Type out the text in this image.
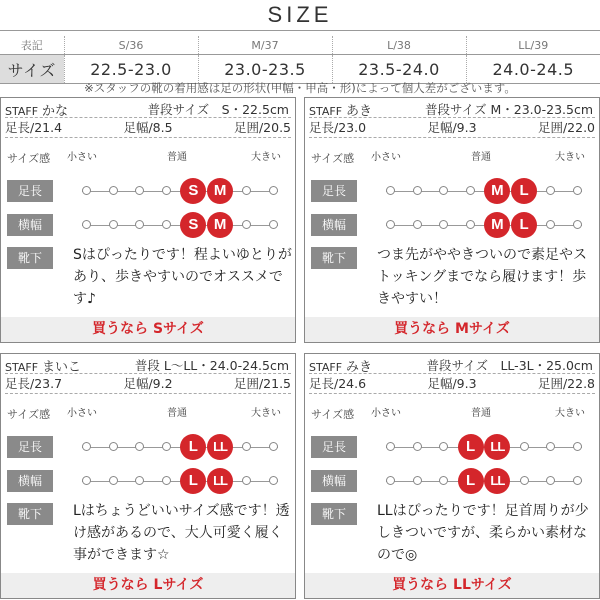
SIZE
表記	S/36	M/37	L/38	LL/39
サイズ	22.5-23.0	23.0-23.5	23.5-24.0	24.0-24.5
※スタッフの靴の着用感は足の形状(甲幅・甲高・形)によって個人差がございます。
STAFF かな	普段サイズ　S・22.5cm
足長/21.4	足幅/8.5	足囲/20.5
サイズ感 小さい	普通	大きい
足長
横幅
靴下
S	M
S	M
Sはぴったりです！程よいゆとりがあり、歩きやすいのでオススメです♪
買うなら Sサイズ
STAFF あき	普段サイズ M・23.0-23.5cm
足長/23.0	足幅/9.3	足囲/22.0
サイズ感 小さい	普通	大きい
足長
横幅
靴下
M	L
M	L
つま先がややきついので素足やストッキングまでなら履けます！歩きやすい！
買うなら Mサイズ
STAFF まいこ	普段 L～LL・24.0-24.5cm
足長/23.7	足幅/9.2	足囲/21.5
サイズ感 小さい	普通	大きい
足長
横幅
靴下
L	LL
L	LL
Lはちょうどいいサイズ感です！透け感があるので、大人可愛く履く事ができます☆
買うなら Lサイズ
STAFF みき	普段サイズ　LL-3L・25.0cm
足長/24.6	足幅/9.3	足囲/22.8
サイズ感 小さい	普通	大きい
足長
横幅
靴下
L	LL
L	LL
LLはぴったりです！足首周りが少しきついですが、柔らかい素材なので◎
買うなら LLサイズ
